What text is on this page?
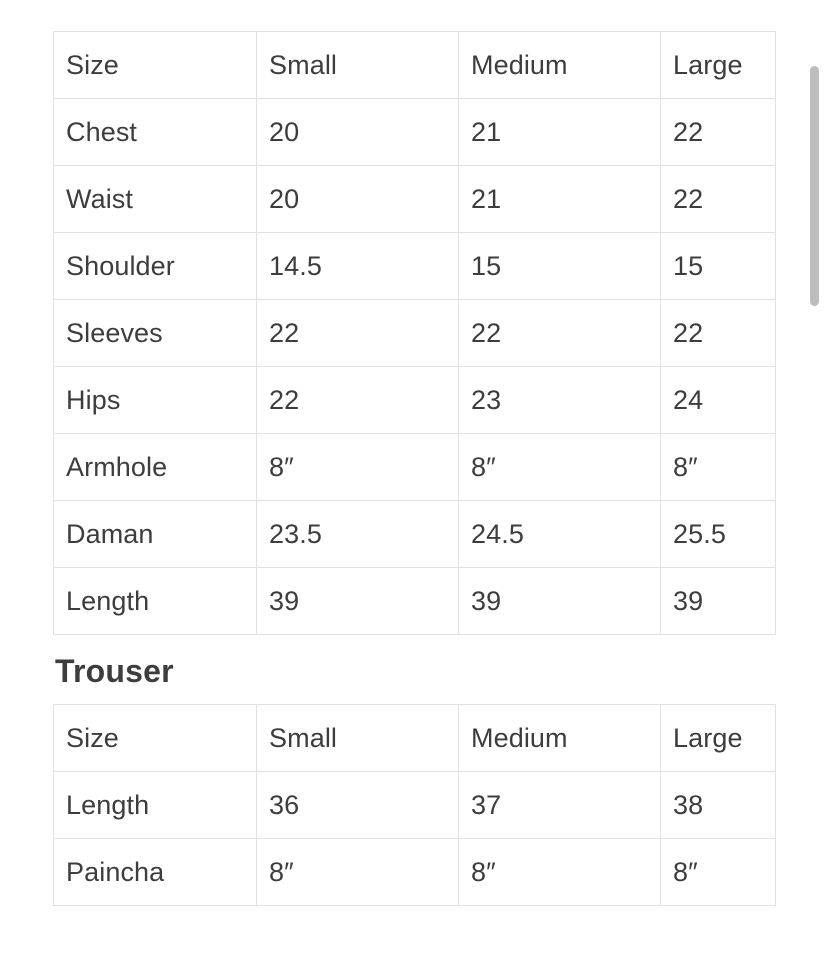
Size	Small	Medium	Large
Chest	20	21	22
Waist	20	21	22
Shoulder	14.5	15	15
Sleeves	22	22	22
Hips	22	23	24
Armhole	8″	8″	8″
Daman	23.5	24.5	25.5
Length	39	39	39
Trouser
Size	Small	Medium	Large
Length	36	37	38
Paincha	8″	8″	8″
